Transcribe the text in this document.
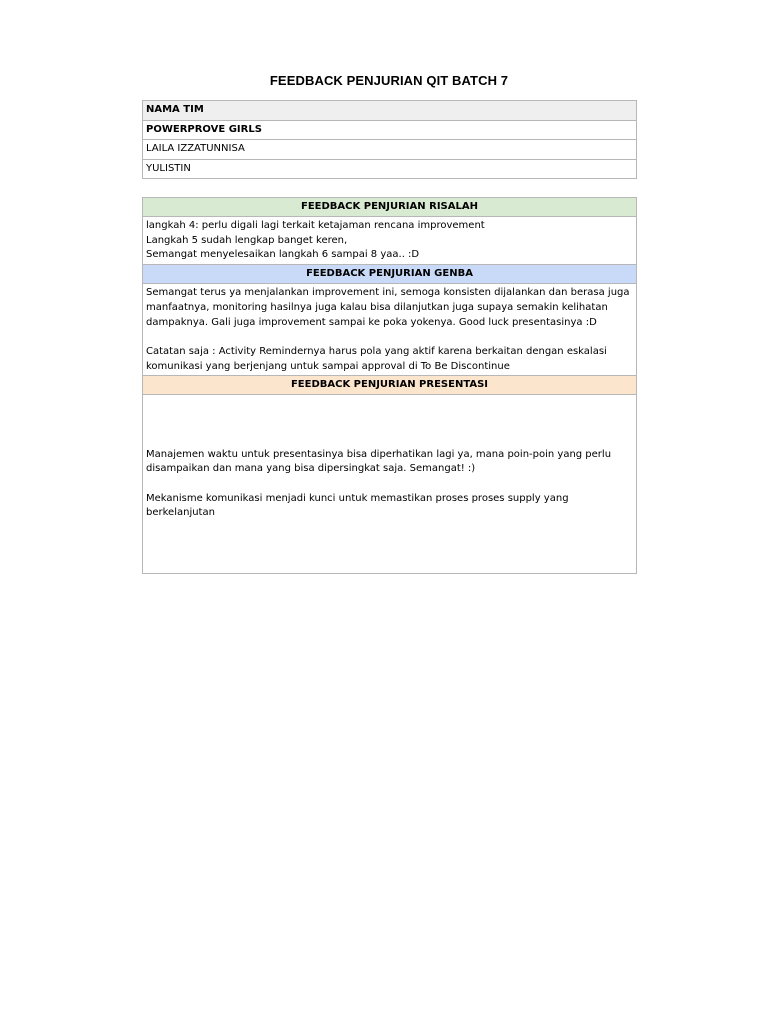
FEEDBACK PENJURIAN QIT BATCH 7
NAMA TIM
POWERPROVE GIRLS
LAILA IZZATUNNISA
YULISTIN
FEEDBACK PENJURIAN RISALAH
langkah 4: perlu digali lagi terkait ketajaman rencana improvement
Langkah 5 sudah lengkap banget keren,
Semangat menyelesaikan langkah 6 sampai 8 yaa.. :D
FEEDBACK PENJURIAN GENBA
Semangat terus ya menjalankan improvement ini, semoga konsisten dijalankan dan berasa juga manfaatnya, monitoring hasilnya juga kalau bisa dilanjutkan juga supaya semakin kelihatan dampaknya. Gali juga improvement sampai ke poka yokenya. Good luck presentasinya :D

Catatan saja : Activity Remindernya harus pola yang aktif karena berkaitan dengan eskalasi komunikasi yang berjenjang untuk sampai approval di To Be Discontinue
FEEDBACK PENJURIAN PRESENTASI
Manajemen waktu untuk presentasinya bisa diperhatikan lagi ya, mana poin-poin yang perlu disampaikan dan mana yang bisa dipersingkat saja. Semangat! :)

Mekanisme komunikasi menjadi kunci untuk memastikan proses proses supply yang berkelanjutan
